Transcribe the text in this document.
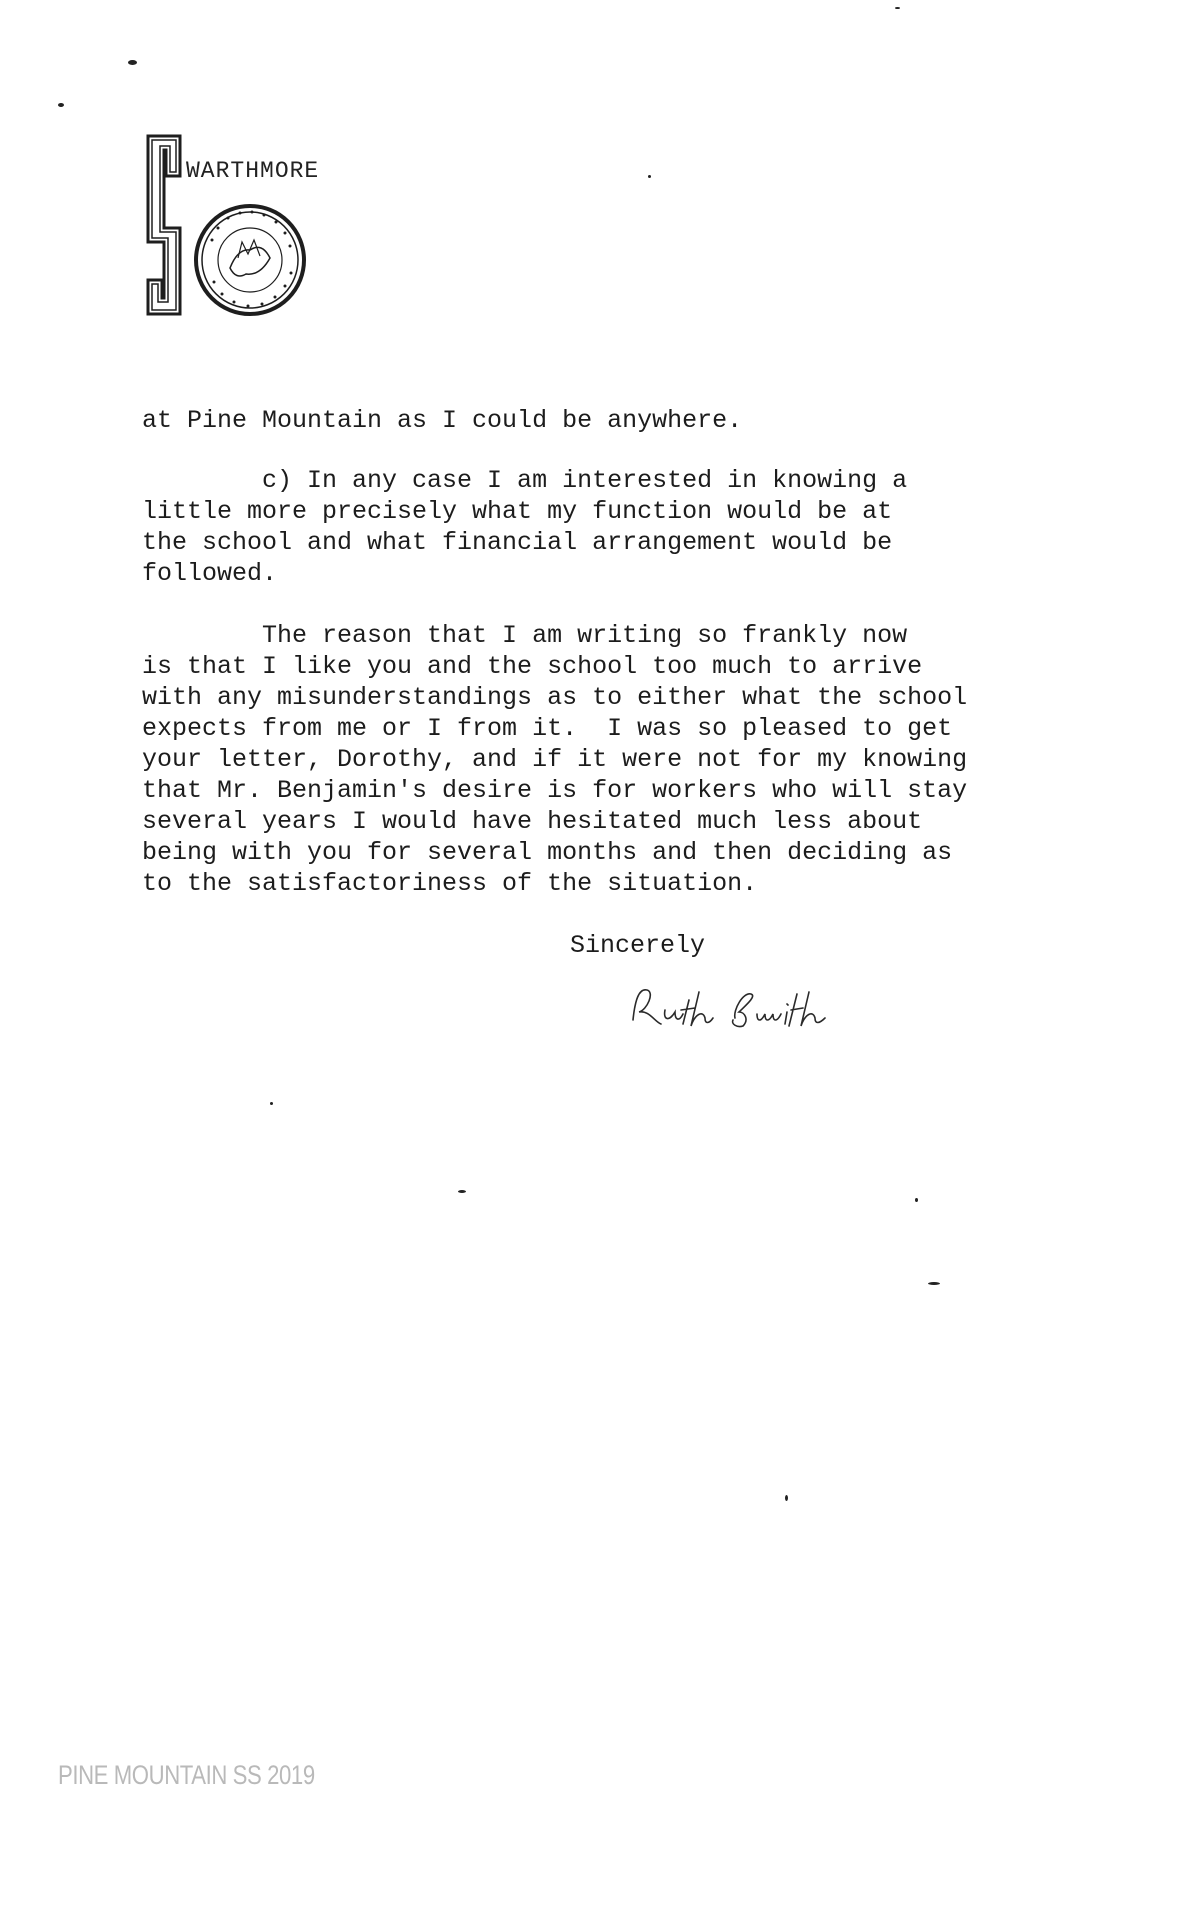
WARTHMORE

at Pine Mountain as I could be anywhere.

c) In any case I am interested in knowing a
little more precisely what my function would be at
the school and what financial arrangement would be
followed.

The reason that I am writing so frankly now
is that I like you and the school too much to arrive
with any misunderstandings as to either what the school
expects from me or I from it.  I was so pleased to get
your letter, Dorothy, and if it were not for my knowing
that Mr. Benjamin's desire is for workers who will stay
several years I would have hesitated much less about
being with you for several months and then deciding as
to the satisfactoriness of the situation.

Sincerely
PINE MOUNTAIN SS 2019
